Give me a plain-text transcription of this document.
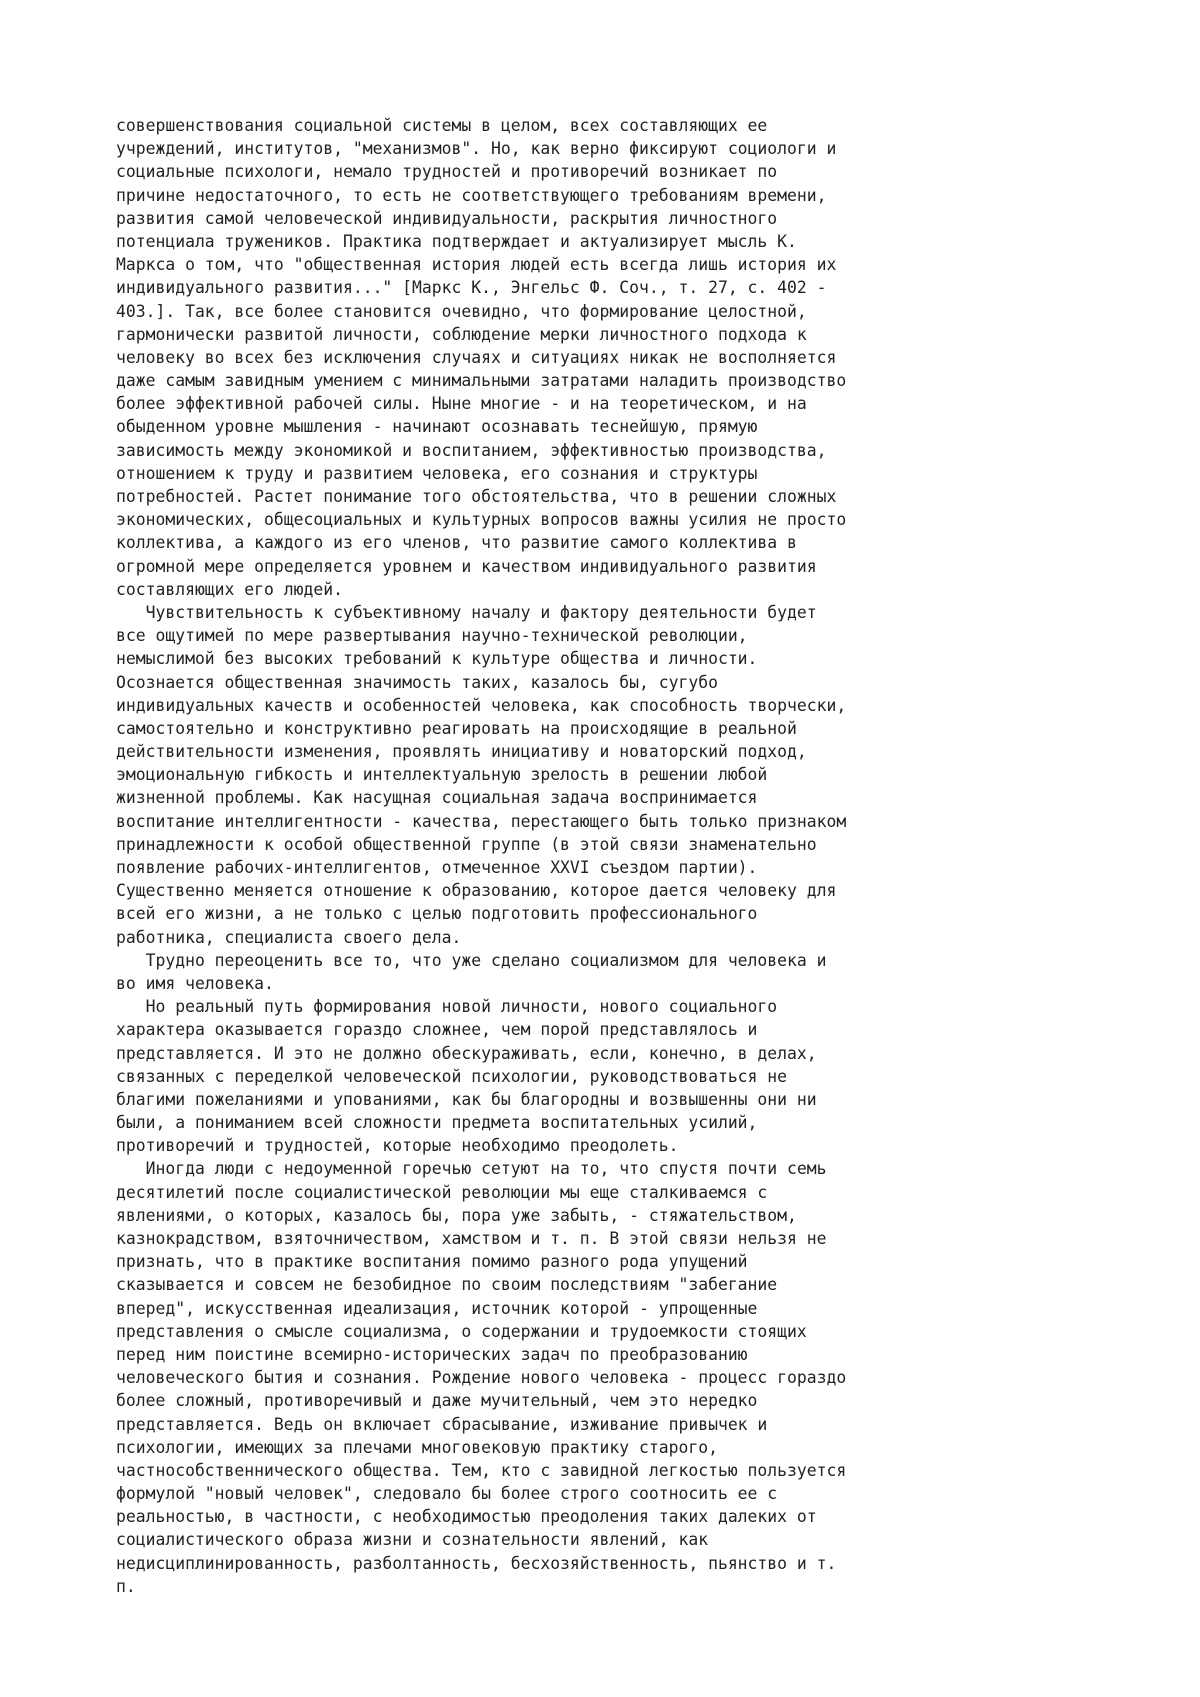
совершенствования социальной системы в целом, всех составляющих ее
учреждений, институтов, "механизмов". Но, как верно фиксируют социологи и
социальные психологи, немало трудностей и противоречий возникает по
причине недостаточного, то есть не соответствующего требованиям времени,
развития самой человеческой индивидуальности, раскрытия личностного
потенциала тружеников. Практика подтверждает и актуализирует мысль К.
Маркса о том, что "общественная история людей есть всегда лишь история их
индивидуального развития..." [Маркс К., Энгельс Ф. Соч., т. 27, с. 402 -
403.]. Так, все более становится очевидно, что формирование целостной,
гармонически развитой личности, соблюдение мерки личностного подхода к
человеку во всех без исключения случаях и ситуациях никак не восполняется
даже самым завидным умением с минимальными затратами наладить производство
более эффективной рабочей силы. Ныне многие - и на теоретическом, и на
обыденном уровне мышления - начинают осознавать теснейшую, прямую
зависимость между экономикой и воспитанием, эффективностью производства,
отношением к труду и развитием человека, его сознания и структуры
потребностей. Растет понимание того обстоятельства, что в решении сложных
экономических, общесоциальных и культурных вопросов важны усилия не просто
коллектива, а каждого из его членов, что развитие самого коллектива в
огромной мере определяется уровнем и качеством индивидуального развития
составляющих его людей.
Чувствительность к субъективному началу и фактору деятельности будет
все ощутимей по мере развертывания научно-технической революции,
немыслимой без высоких требований к культуре общества и личности.
Осознается общественная значимость таких, казалось бы, сугубо
индивидуальных качеств и особенностей человека, как способность творчески,
самостоятельно и конструктивно реагировать на происходящие в реальной
действительности изменения, проявлять инициативу и новаторский подход,
эмоциональную гибкость и интеллектуальную зрелость в решении любой
жизненной проблемы. Как насущная социальная задача воспринимается
воспитание интеллигентности - качества, перестающего быть только признаком
принадлежности к особой общественной группе (в этой связи знаменательно
появление рабочих-интеллигентов, отмеченное XXVI съездом партии).
Существенно меняется отношение к образованию, которое дается человеку для
всей его жизни, а не только с целью подготовить профессионального
работника, специалиста своего дела.
Трудно переоценить все то, что уже сделано социализмом для человека и
во имя человека.
Но реальный путь формирования новой личности, нового социального
характера оказывается гораздо сложнее, чем порой представлялось и
представляется. И это не должно обескураживать, если, конечно, в делах,
связанных с переделкой человеческой психологии, руководствоваться не
благими пожеланиями и упованиями, как бы благородны и возвышенны они ни
были, а пониманием всей сложности предмета воспитательных усилий,
противоречий и трудностей, которые необходимо преодолеть.
Иногда люди с недоуменной горечью сетуют на то, что спустя почти семь
десятилетий после социалистической революции мы еще сталкиваемся с
явлениями, о которых, казалось бы, пора уже забыть, - стяжательством,
казнокрадством, взяточничеством, хамством и т. п. В этой связи нельзя не
признать, что в практике воспитания помимо разного рода упущений
сказывается и совсем не безобидное по своим последствиям "забегание
вперед", искусственная идеализация, источник которой - упрощенные
представления о смысле социализма, о содержании и трудоемкости стоящих
перед ним поистине всемирно-исторических задач по преобразованию
человеческого бытия и сознания. Рождение нового человека - процесс гораздо
более сложный, противоречивый и даже мучительный, чем это нередко
представляется. Ведь он включает сбрасывание, изживание привычек и
психологии, имеющих за плечами многовековую практику старого,
частнособственнического общества. Тем, кто с завидной легкостью пользуется
формулой "новый человек", следовало бы более строго соотносить ее с
реальностью, в частности, с необходимостью преодоления таких далеких от
социалистического образа жизни и сознательности явлений, как
недисциплинированность, разболтанность, бесхозяйственность, пьянство и т.
п.
